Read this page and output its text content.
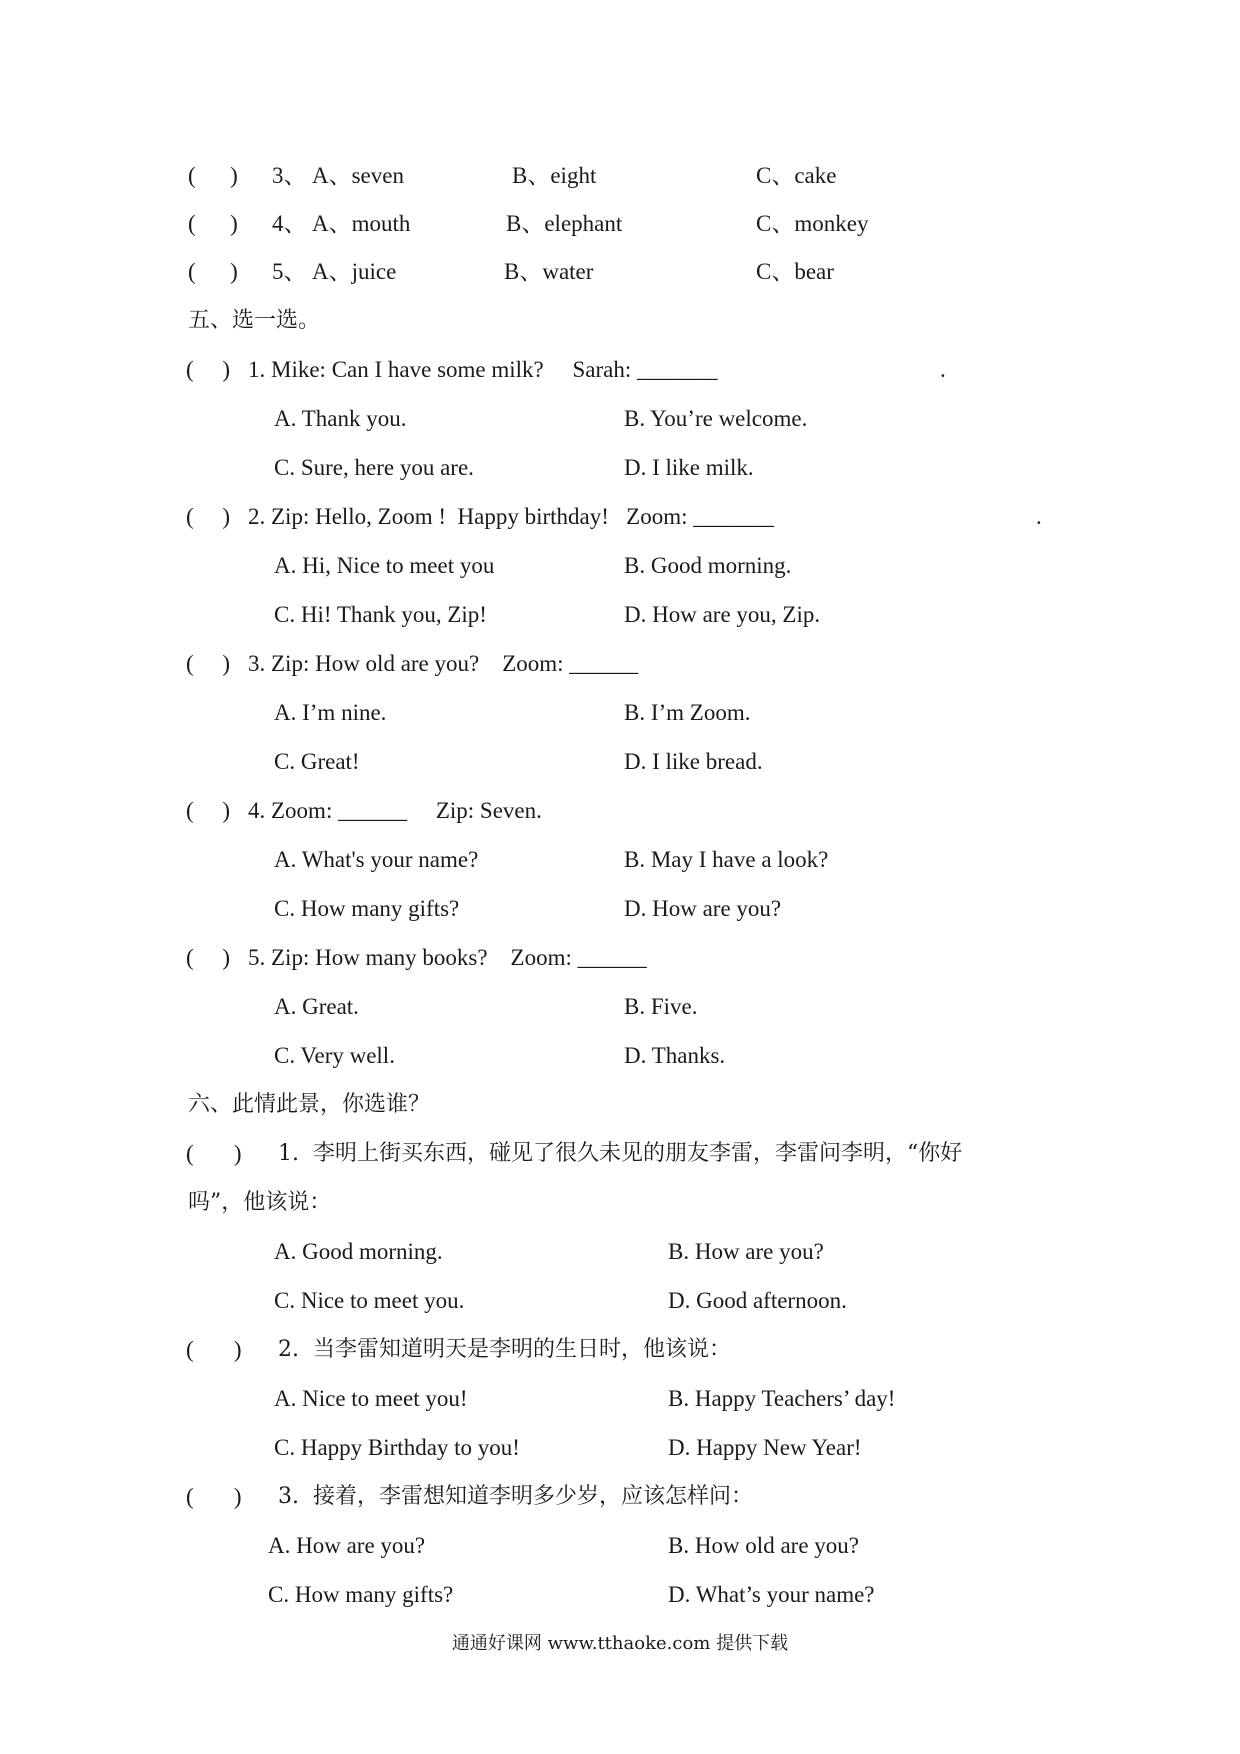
(      ) 3、 A、seven	B、eight	C、cake
(      ) 4、 A、mouth	B、elephant	C、monkey
(      ) 5、 A、juice	B、water	C、bear
五、选一选。
(     ) 1. Mike: Can I have some milk?     Sarah: _______	.
A. Thank you.	B. You’re welcome.
C. Sure, here you are.	D. I like milk.
(     ) 2. Zip: Hello, Zoom !  Happy birthday!   Zoom: _______	.
A. Hi, Nice to meet you	B. Good morning.
C. Hi! Thank you, Zip!	D. How are you, Zip.
(     ) 3. Zip: How old are you?    Zoom: ______
A. I’m nine.	B. I’m Zoom.
C. Great!	D. I like bread.
(     ) 4. Zoom: ______     Zip: Seven.
A. What's your name?	B. May I have a look?
C. How many gifts?	D. How are you?
(     ) 5. Zip: How many books?    Zoom: ______
A. Great.	B. Five.
C. Very well.	D. Thanks.
六、此情此景，你选谁？
(       ) 1.  李明上街买东西，碰见了很久未见的朋友李雷，李雷问李明，“你好
吗”，他该说：
A. Good morning.	B. How are you?
C. Nice to meet you.	D. Good afternoon.
(       ) 2.  当李雷知道明天是李明的生日时，他该说：
A. Nice to meet you!	B. Happy Teachers’ day!
C. Happy Birthday to you!	D. Happy New Year!
(       ) 3.  接着，李雷想知道李明多少岁，应该怎样问：
A. How are you?	B. How old are you?
C. How many gifts?	D. What’s your name?
通通好课网 www.tthaoke.com 提供下载
